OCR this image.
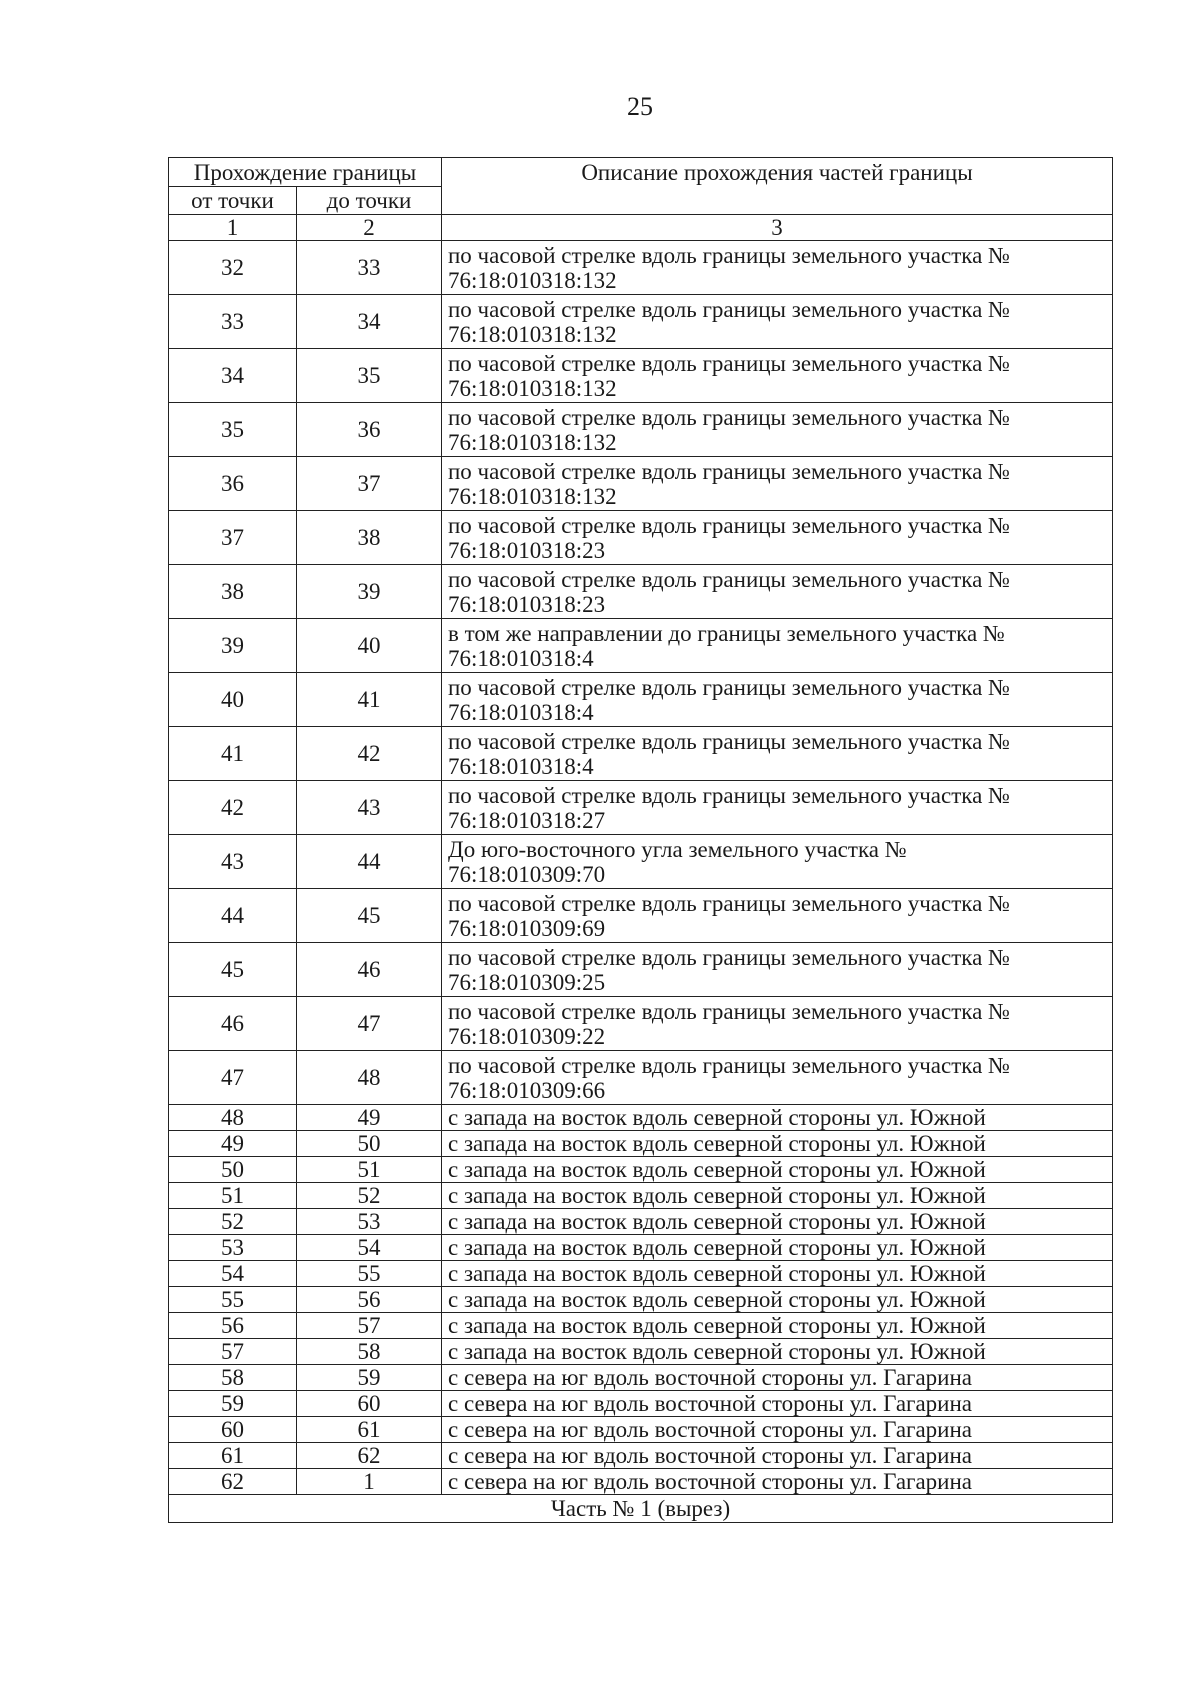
25
Прохождение границы		Описание прохождения частей границы
от точки	до точки	
1	2	3
32	33	по часовой стрелке вдоль границы земельного участка №
76:18:010318:132

33	34	по часовой стрелке вдоль границы земельного участка №
76:18:010318:132

34	35	по часовой стрелке вдоль границы земельного участка №
76:18:010318:132

35	36	по часовой стрелке вдоль границы земельного участка №
76:18:010318:132

36	37	по часовой стрелке вдоль границы земельного участка №
76:18:010318:132

37	38	по часовой стрелке вдоль границы земельного участка №
76:18:010318:23

38	39	по часовой стрелке вдоль границы земельного участка №
76:18:010318:23

39	40	в том же направлении до границы земельного участка №
76:18:010318:4

40	41	по часовой стрелке вдоль границы земельного участка №
76:18:010318:4

41	42	по часовой стрелке вдоль границы земельного участка №
76:18:010318:4

42	43	по часовой стрелке вдоль границы земельного участка №
76:18:010318:27

43	44	До юго-восточного угла земельного участка №
76:18:010309:70

44	45	по часовой стрелке вдоль границы земельного участка №
76:18:010309:69

45	46	по часовой стрелке вдоль границы земельного участка №
76:18:010309:25

46	47	по часовой стрелке вдоль границы земельного участка №
76:18:010309:22

47	48	по часовой стрелке вдоль границы земельного участка №
76:18:010309:66

48	49	с запада на восток вдоль северной стороны ул. Южной

49	50	с запада на восток вдоль северной стороны ул. Южной

50	51	с запада на восток вдоль северной стороны ул. Южной

51	52	с запада на восток вдоль северной стороны ул. Южной

52	53	с запада на восток вдоль северной стороны ул. Южной

53	54	с запада на восток вдоль северной стороны ул. Южной

54	55	с запада на восток вдоль северной стороны ул. Южной

55	56	с запада на восток вдоль северной стороны ул. Южной

56	57	с запада на восток вдоль северной стороны ул. Южной

57	58	с запада на восток вдоль северной стороны ул. Южной

58	59	с севера на юг вдоль восточной стороны ул. Гагарина

59	60	с севера на юг вдоль восточной стороны ул. Гагарина

60	61	с севера на юг вдоль восточной стороны ул. Гагарина

61	62	с севера на юг вдоль восточной стороны ул. Гагарина

62	1	с севера на юг вдоль восточной стороны ул. Гагарина

Часть № 1 (вырез)		
